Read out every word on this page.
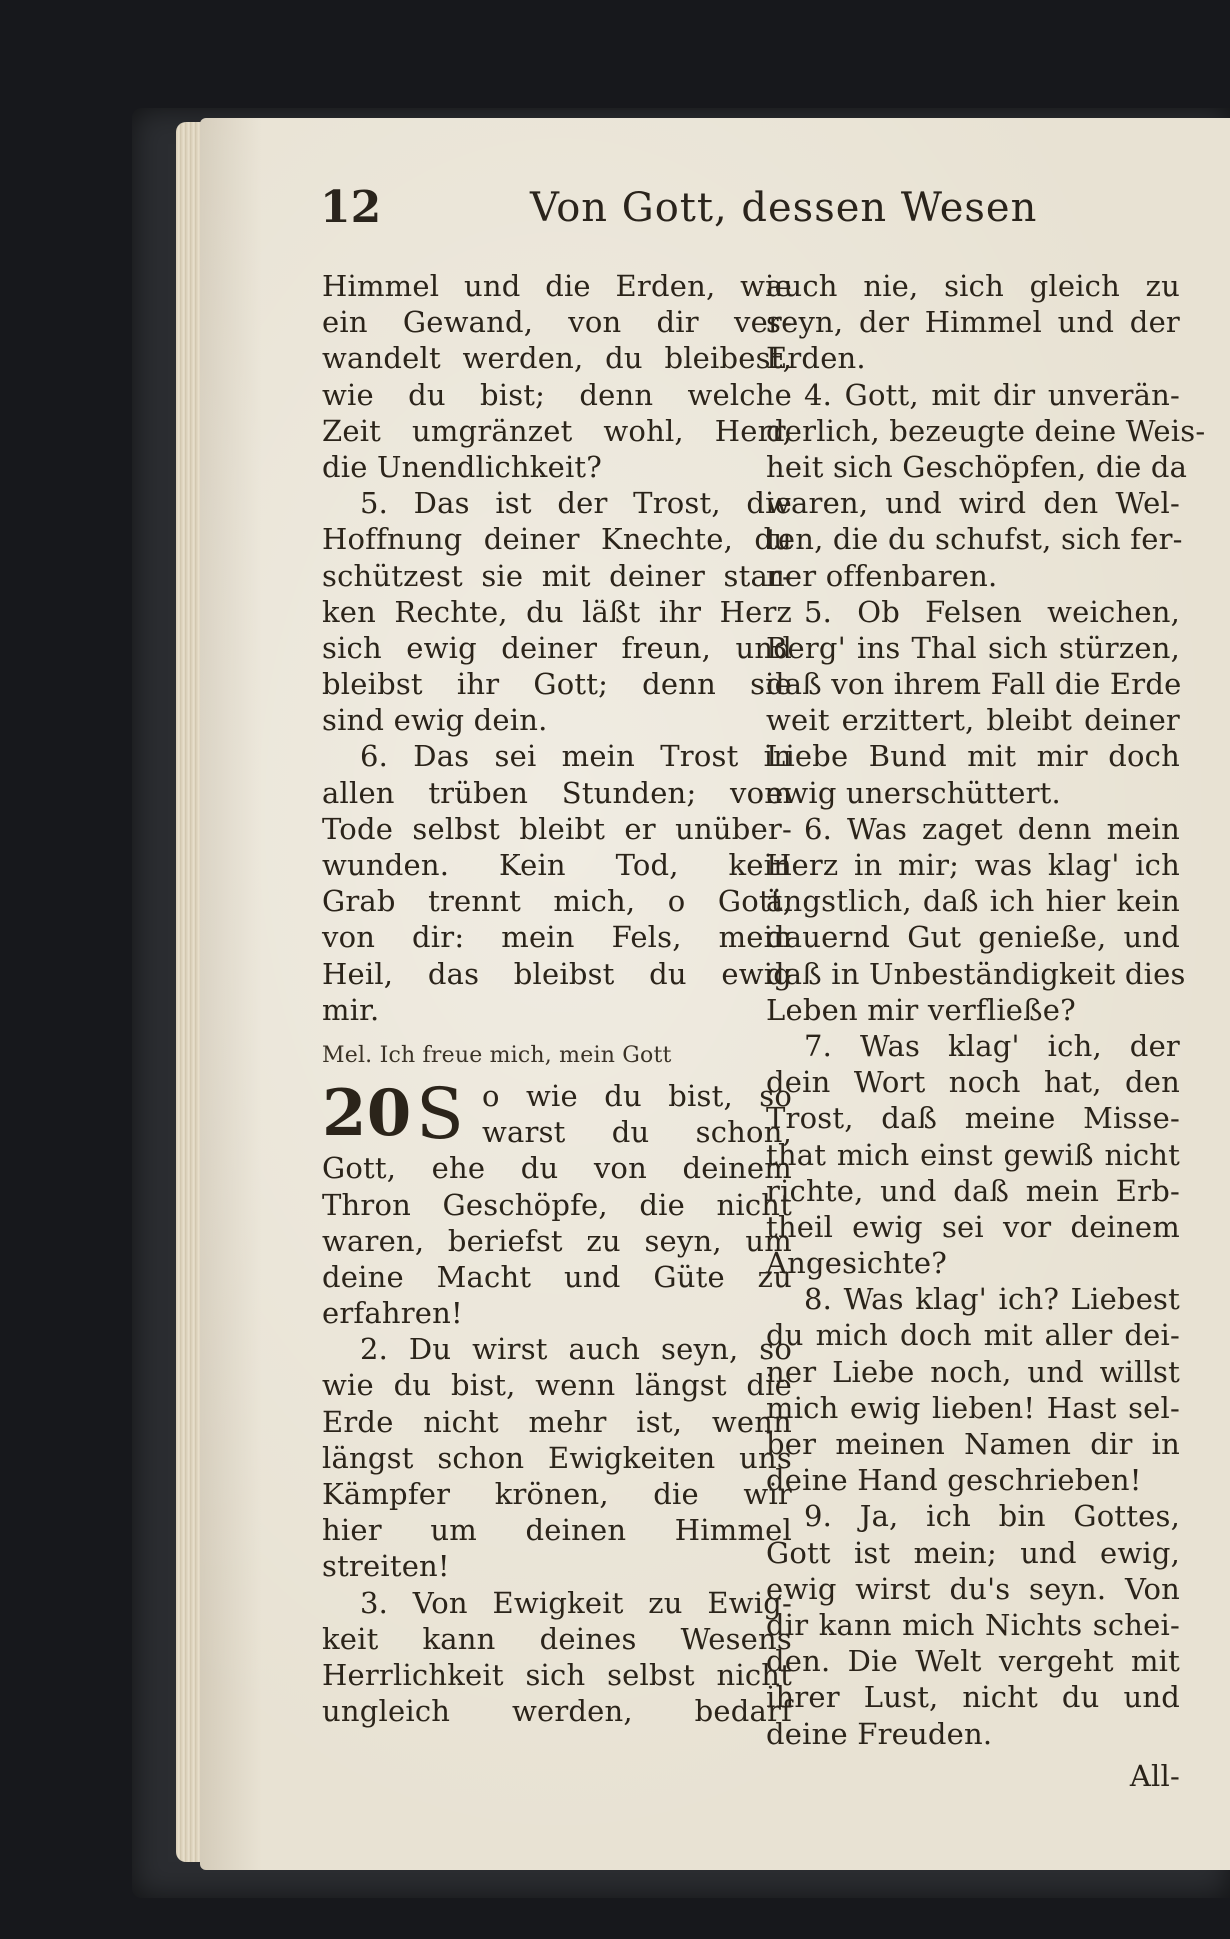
12	Von Gott, dessen Wesen
Himmel und die Erden, wie
ein Gewand, von dir ver-
wandelt werden, du bleibest,
wie du bist; denn welche
Zeit umgränzet wohl, Herr,
die Unendlichkeit?
5. Das ist der Trost, die
Hoffnung deiner Knechte, du
schützest sie mit deiner star-
ken Rechte, du läßt ihr Herz
sich ewig deiner freun, und
bleibst ihr Gott; denn sie
sind ewig dein.
6. Das sei mein Trost in
allen trüben Stunden; vom
Tode selbst bleibt er unüber-
wunden. Kein Tod, kein
Grab trennt mich, o Gott,
von dir: mein Fels, mein
Heil, das bleibst du ewig
mir.
Mel. Ich freue mich, mein Gott
20 S o wie du bist, so
warst du schon,
Gott, ehe du von deinem
Thron Geschöpfe, die nicht
waren, beriefst zu seyn, um
deine Macht und Güte zu
erfahren!
2. Du wirst auch seyn, so
wie du bist, wenn längst die
Erde nicht mehr ist, wenn
längst schon Ewigkeiten uns
Kämpfer krönen, die wir
hier um deinen Himmel
streiten!
3. Von Ewigkeit zu Ewig-
keit kann deines Wesens
Herrlichkeit sich selbst nicht
ungleich werden, bedarf
auch nie, sich gleich zu
seyn, der Himmel und der
Erden.
4. Gott, mit dir unverän-
derlich, bezeugte deine Weis-
heit sich Geschöpfen, die da
waren, und wird den Wel-
ten, die du schufst, sich fer-
ner offenbaren.
5. Ob Felsen weichen,
Berg' ins Thal sich stürzen,
daß von ihrem Fall die Erde
weit erzittert, bleibt deiner
Liebe Bund mit mir doch
ewig unerschüttert.
6. Was zaget denn mein
Herz in mir; was klag' ich
ängstlich, daß ich hier kein
dauernd Gut genieße, und
daß in Unbeständigkeit dies
Leben mir verfließe?
7. Was klag' ich, der
dein Wort noch hat, den
Trost, daß meine Misse-
that mich einst gewiß nicht
richte, und daß mein Erb-
theil ewig sei vor deinem
Angesichte?
8. Was klag' ich? Liebest
du mich doch mit aller dei-
ner Liebe noch, und willst
mich ewig lieben! Hast sel-
ber meinen Namen dir in
deine Hand geschrieben!
9. Ja, ich bin Gottes,
Gott ist mein; und ewig,
ewig wirst du's seyn. Von
dir kann mich Nichts schei-
den. Die Welt vergeht mit
ihrer Lust, nicht du und
deine Freuden.
All-
